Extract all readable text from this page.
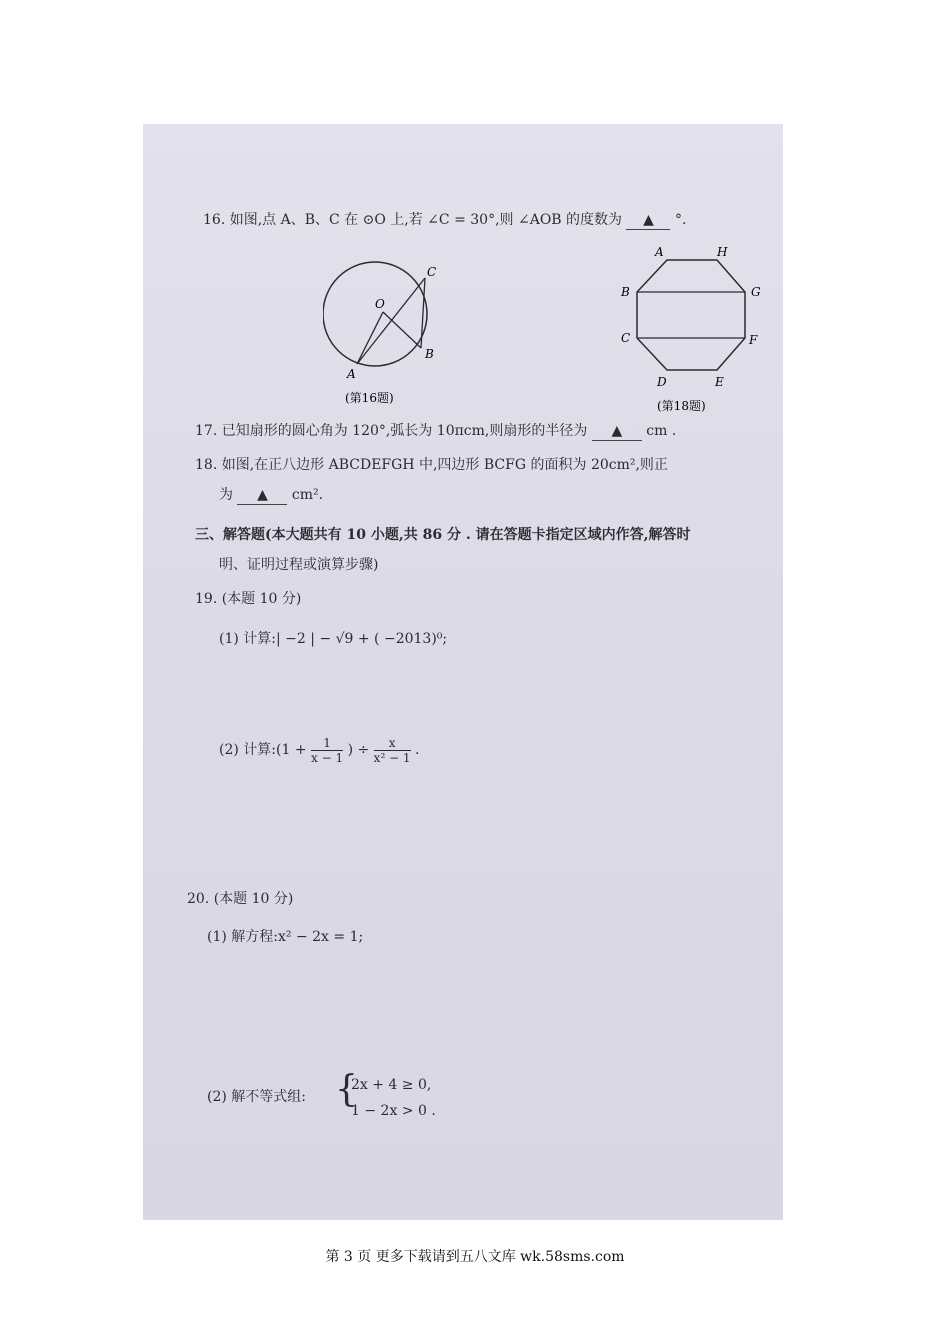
16. 如图,点 A、B、C 在 ⊙O 上,若 ∠C = 30°,则 ∠AOB 的度数为 ▲ °.
O
C
B
A
(第16题)
A	H
B	G
C	F
D	E
(第18题)
17. 已知扇形的圆心角为 120°,弧长为 10πcm,则扇形的半径为 ▲ cm .
18. 如图,在正八边形 ABCDEFGH 中,四边形 BCFG 的面积为 20cm²,则正
为 ▲ cm².
三、解答题(本大题共有 10 小题,共 86 分 . 请在答题卡指定区域内作答,解答时
明、证明过程或演算步骤)
19. (本题 10 分)
(1) 计算:| −2 | − √9 + ( −2013)⁰;
(2) 计算:(1 + $\frac{1}{x - 1}$ ) ÷ $\frac{x}{\text{x² − 1}}$ .
20. (本题 10 分)
(1) 解方程:x² − 2x = 1;
(2) 解不等式组: {
2x + 4 ≥ 0,
1 − 2x > 0 .
第 3 页 更多下载请到五八文库 wk.58sms.com
